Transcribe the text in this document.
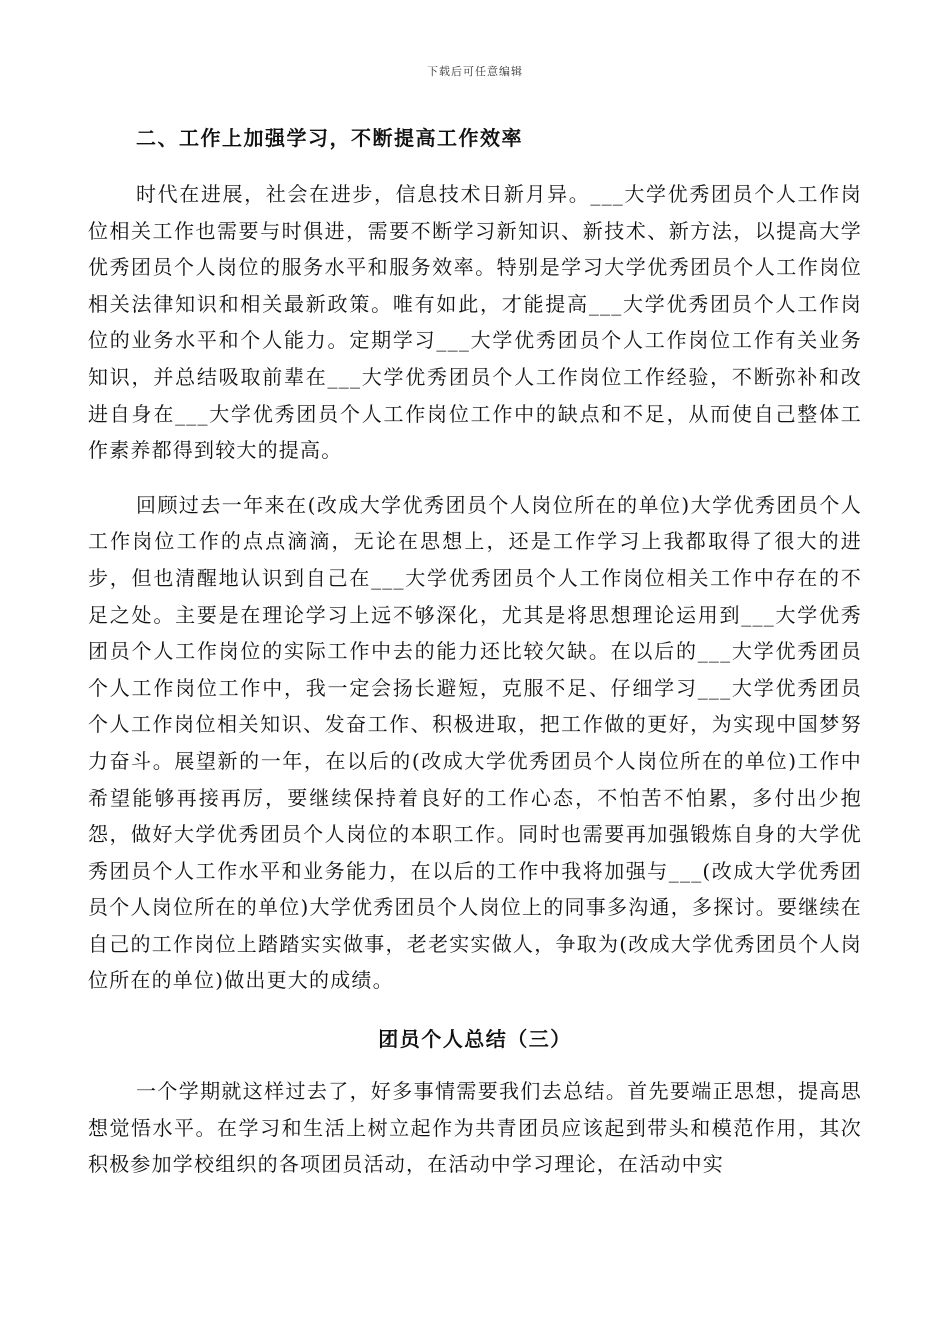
下载后可任意编辑
二、工作上加强学习，不断提高工作效率

时代在进展，社会在进步，信息技术日新月异。___大学优秀团员个人工作岗位相关工作也需要与时俱进，需要不断学习新知识、新技术、新方法，以提高大学优秀团员个人岗位的服务水平和服务效率。特别是学习大学优秀团员个人工作岗位相关法律知识和相关最新政策。唯有如此，才能提高___大学优秀团员个人工作岗位的业务水平和个人能力。定期学习___大学优秀团员个人工作岗位工作有关业务知识，并总结吸取前辈在___大学优秀团员个人工作岗位工作经验，不断弥补和改进自身在___大学优秀团员个人工作岗位工作中的缺点和不足，从而使自己整体工作素养都得到较大的提高。

回顾过去一年来在(改成大学优秀团员个人岗位所在的单位)大学优秀团员个人工作岗位工作的点点滴滴，无论在思想上，还是工作学习上我都取得了很大的进步，但也清醒地认识到自己在___大学优秀团员个人工作岗位相关工作中存在的不足之处。主要是在理论学习上远不够深化，尤其是将思想理论运用到___大学优秀团员个人工作岗位的实际工作中去的能力还比较欠缺。在以后的___大学优秀团员个人工作岗位工作中，我一定会扬长避短，克服不足、仔细学习___大学优秀团员个人工作岗位相关知识、发奋工作、积极进取，把工作做的更好，为实现中国梦努力奋斗。展望新的一年，在以后的(改成大学优秀团员个人岗位所在的单位)工作中希望能够再接再厉，要继续保持着良好的工作心态，不怕苦不怕累，多付出少抱怨，做好大学优秀团员个人岗位的本职工作。同时也需要再加强锻炼自身的大学优秀团员个人工作水平和业务能力，在以后的工作中我将加强与___(改成大学优秀团员个人岗位所在的单位)大学优秀团员个人岗位上的同事多沟通，多探讨。要继续在自己的工作岗位上踏踏实实做事，老老实实做人，争取为(改成大学优秀团员个人岗位所在的单位)做出更大的成绩。

团员个人总结（三）

一个学期就这样过去了，好多事情需要我们去总结。首先要端正思想，提高思想觉悟水平。在学习和生活上树立起作为共青团员应该起到带头和模范作用，其次积极参加学校组织的各项团员活动，在活动中学习理论，在活动中实
